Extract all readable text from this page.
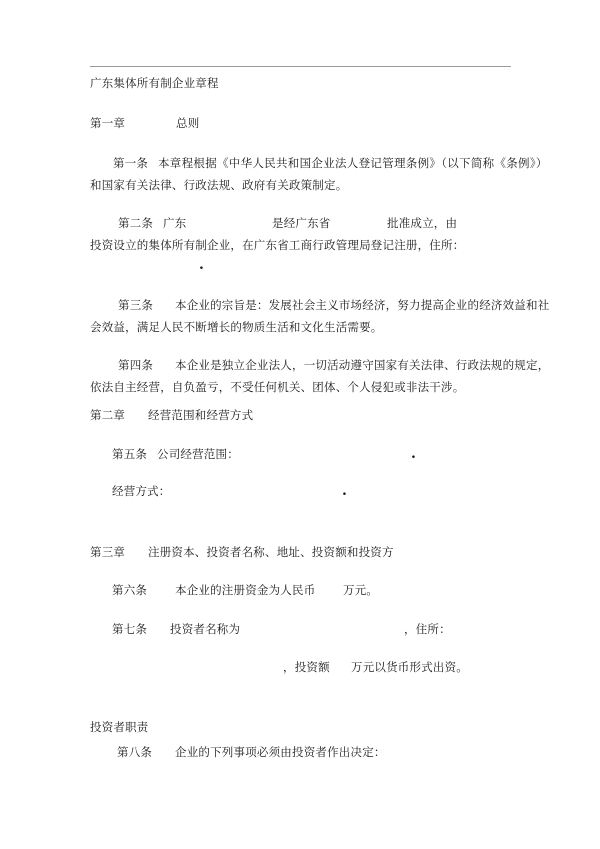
广东集体所有制企业章程
第一章	总则
第一条 本章程根据《中华人民共和国企业法人登记管理条例》（以下简称《条例》）
和国家有关法律、行政法规、政府有关政策制定。
第二条 广东	是经广东省	批准成立，由
投资设立的集体所有制企业，在广东省工商行政管理局登记注册，住所：
.
第三条 本企业的宗旨是：发展社会主义市场经济，努力提高企业的经济效益和社
会效益，满足人民不断增长的物质生活和文化生活需要。
第四条 本企业是独立企业法人，一切活动遵守国家有关法律、行政法规的规定，
依法自主经营，自负盈亏，不受任何机关、团体、个人侵犯或非法干涉。
第二章 经营范围和经营方式
第五条 公司经营范围：	.
经营方式：	.
第三章 注册资本、投资者名称、地址、投资额和投资方
第六条 本企业的注册资金为人民币 万元。
第七条 投资者名称为	，住所：
，投资额 万元以货币形式出资。
投资者职责
第八条 企业的下列事项必须由投资者作出决定：
